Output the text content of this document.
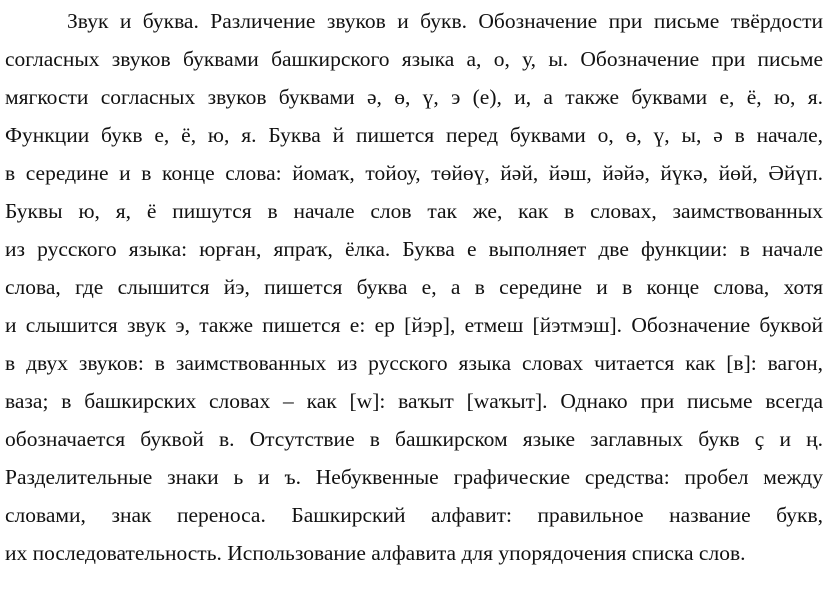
Звук и буква. Различение звуков и букв. Обозначение при письме твёрдости
согласных звуков буквами башкирского языка а, о, у, ы. Обозначение при письме
мягкости согласных звуков буквами ә, ө, ү, э (е), и, а также буквами е, ё, ю, я.
Функции букв е, ё, ю, я. Буква й пишется перед буквами о, ө, ү, ы, ә в начале,
в середине и в конце слова: йомаҡ, тойоу, төйөү, йәй, йәш, йәйә, йүкә, йөй, Әйүп.
Буквы ю, я, ё пишутся в начале слов так же, как в словах, заимствованных
из русского языка: юрған, япраҡ, ёлка. Буква е выполняет две функции: в начале
слова, где слышится йэ, пишется буква е, а в середине и в конце слова, хотя
и слышится звук э, также пишется е: ер [йэр], етмеш [йэтмэш]. Обозначение буквой
в двух звуков: в заимствованных из русского языка словах читается как [в]: вагон,
ваза; в башкирских словах – как [w]: ваҡыт [waҡыт]. Однако при письме всегда
обозначается буквой в. Отсутствие в башкирском языке заглавных букв ҫ и ң.
Разделительные знаки ь и ъ. Небуквенные графические средства: пробел между
словами, знак переноса. Башкирский алфавит: правильное название букв,
их последовательность. Использование алфавита для упорядочения списка слов.
